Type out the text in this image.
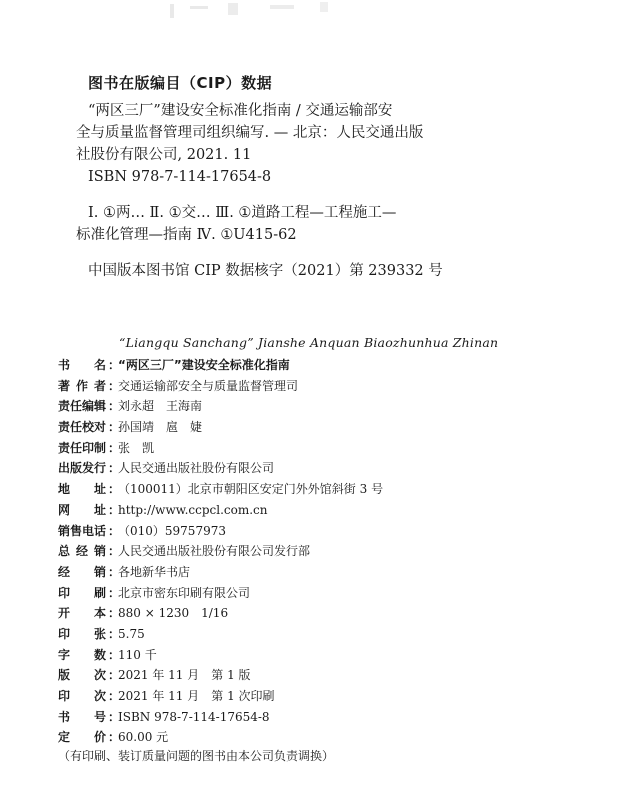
图书在版编目（CIP）数据
“两区三厂”建设安全标准化指南 / 交通运输部安
全与质量监督管理司组织编写. — 北京：人民交通出版
社股份有限公司, 2021. 11
ISBN 978-7-114-17654-8
Ⅰ. ①两… Ⅱ. ①交… Ⅲ. ①道路工程—工程施工—
标准化管理—指南 Ⅳ. ①U415-62
中国版本图书馆 CIP 数据核字（2021）第 239332 号
“Liangqu Sanchang” Jianshe Anquan Biaozhunhua Zhinan
书名 ：
“两区三厂”建设安全标准化指南
著作者 ：
交通运输部安全与质量监督管理司
责任编辑 ：
刘永超　王海南
责任校对 ：
孙国靖　扈　婕
责任印制 ：
张　凯
出版发行 ：
人民交通出版社股份有限公司
地址 ：
（100011）北京市朝阳区安定门外外馆斜街 3 号
网址 ：
http://www.ccpcl.com.cn
销售电话 ：
（010）59757973
总经销 ：
人民交通出版社股份有限公司发行部
经销 ：
各地新华书店
印刷 ：
北京市密东印刷有限公司
开本 ：
880 × 1230　1/16
印张 ：
5.75
字数 ：
110 千
版次 ：
2021 年 11 月　第 1 版
印次 ：
2021 年 11 月　第 1 次印刷
书号 ：
ISBN 978-7-114-17654-8
定价 ：
60.00 元
（有印刷、装订质量问题的图书由本公司负责调换）
